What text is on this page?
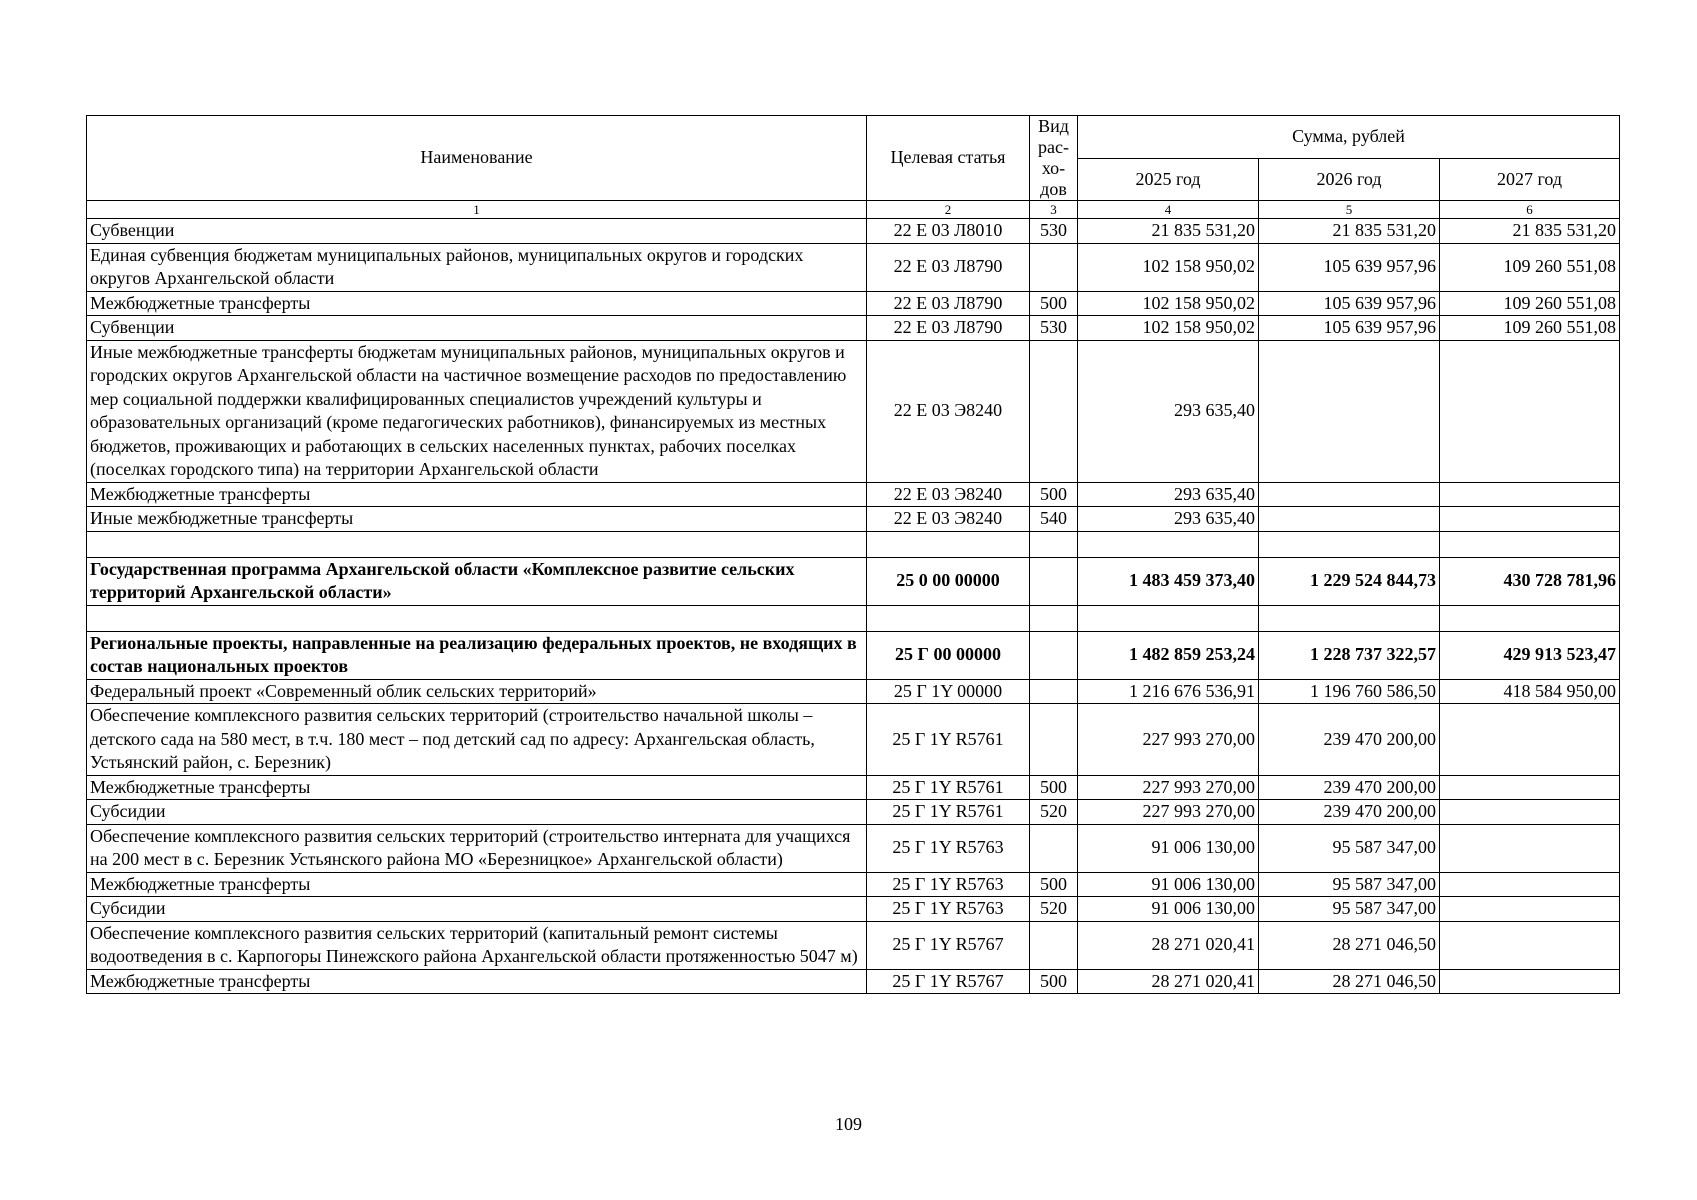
Наименование	Целевая статья	Вид
рас-
хо-
дов	Сумма, рублей		
			2025 год	2026 год	2027 год
1	2	3	4	5	6
Субвенции	22 Е 03 Л8010	530	21 835 531,20	21 835 531,20	21 835 531,20
Единая субвенция бюджетам муниципальных районов, муниципальных округов и городских округов Архангельской области	22 Е 03 Л8790		102 158 950,02	105 639 957,96	109 260 551,08
Межбюджетные трансферты	22 Е 03 Л8790	500	102 158 950,02	105 639 957,96	109 260 551,08
Субвенции	22 Е 03 Л8790	530	102 158 950,02	105 639 957,96	109 260 551,08
Иные межбюджетные трансферты бюджетам муниципальных районов, муниципальных округов и городских округов Архангельской области на частичное возмещение расходов по предоставлению мер социальной поддержки квалифицированных специалистов учреждений культуры и образовательных организаций (кроме педагогических работников), финансируемых из местных бюджетов, проживающих и работающих в сельских населенных пунктах, рабочих поселках (поселках городского типа) на территории Архангельской области	22 Е 03 Э8240		293 635,40		
Межбюджетные трансферты	22 Е 03 Э8240	500	293 635,40		
Иные межбюджетные трансферты	22 Е 03 Э8240	540	293 635,40		

Государственная программа Архангельской области «Комплексное развитие сельских территорий Архангельской области»	25 0 00 00000		1 483 459 373,40	1 229 524 844,73	430 728 781,96

Региональные проекты, направленные на реализацию федеральных проектов, не входящих в состав национальных проектов	25 Г 00 00000		1 482 859 253,24	1 228 737 322,57	429 913 523,47
Федеральный проект «Современный облик сельских территорий»	25 Г 1Y 00000		1 216 676 536,91	1 196 760 586,50	418 584 950,00
Обеспечение комплексного развития сельских территорий (строительство начальной школы – детского сада на 580 мест, в т.ч. 180 мест – под детский сад по адресу: Архангельская область, Устьянский район, с. Березник)	25 Г 1Y R5761		227 993 270,00	239 470 200,00	
Межбюджетные трансферты	25 Г 1Y R5761	500	227 993 270,00	239 470 200,00	
Субсидии	25 Г 1Y R5761	520	227 993 270,00	239 470 200,00	
Обеспечение комплексного развития сельских территорий (строительство интерната для учащихся на 200 мест в с. Березник Устьянского района МО «Березницкое» Архангельской области)	25 Г 1Y R5763		91 006 130,00	95 587 347,00	
Межбюджетные трансферты	25 Г 1Y R5763	500	91 006 130,00	95 587 347,00	
Субсидии	25 Г 1Y R5763	520	91 006 130,00	95 587 347,00	
Обеспечение комплексного развития сельских территорий (капитальный ремонт системы водоотведения в с. Карпогоры Пинежского района Архангельской области протяженностью 5047 м)	25 Г 1Y R5767		28 271 020,41	28 271 046,50	
Межбюджетные трансферты	25 Г 1Y R5767	500	28 271 020,41	28 271 046,50	
109
